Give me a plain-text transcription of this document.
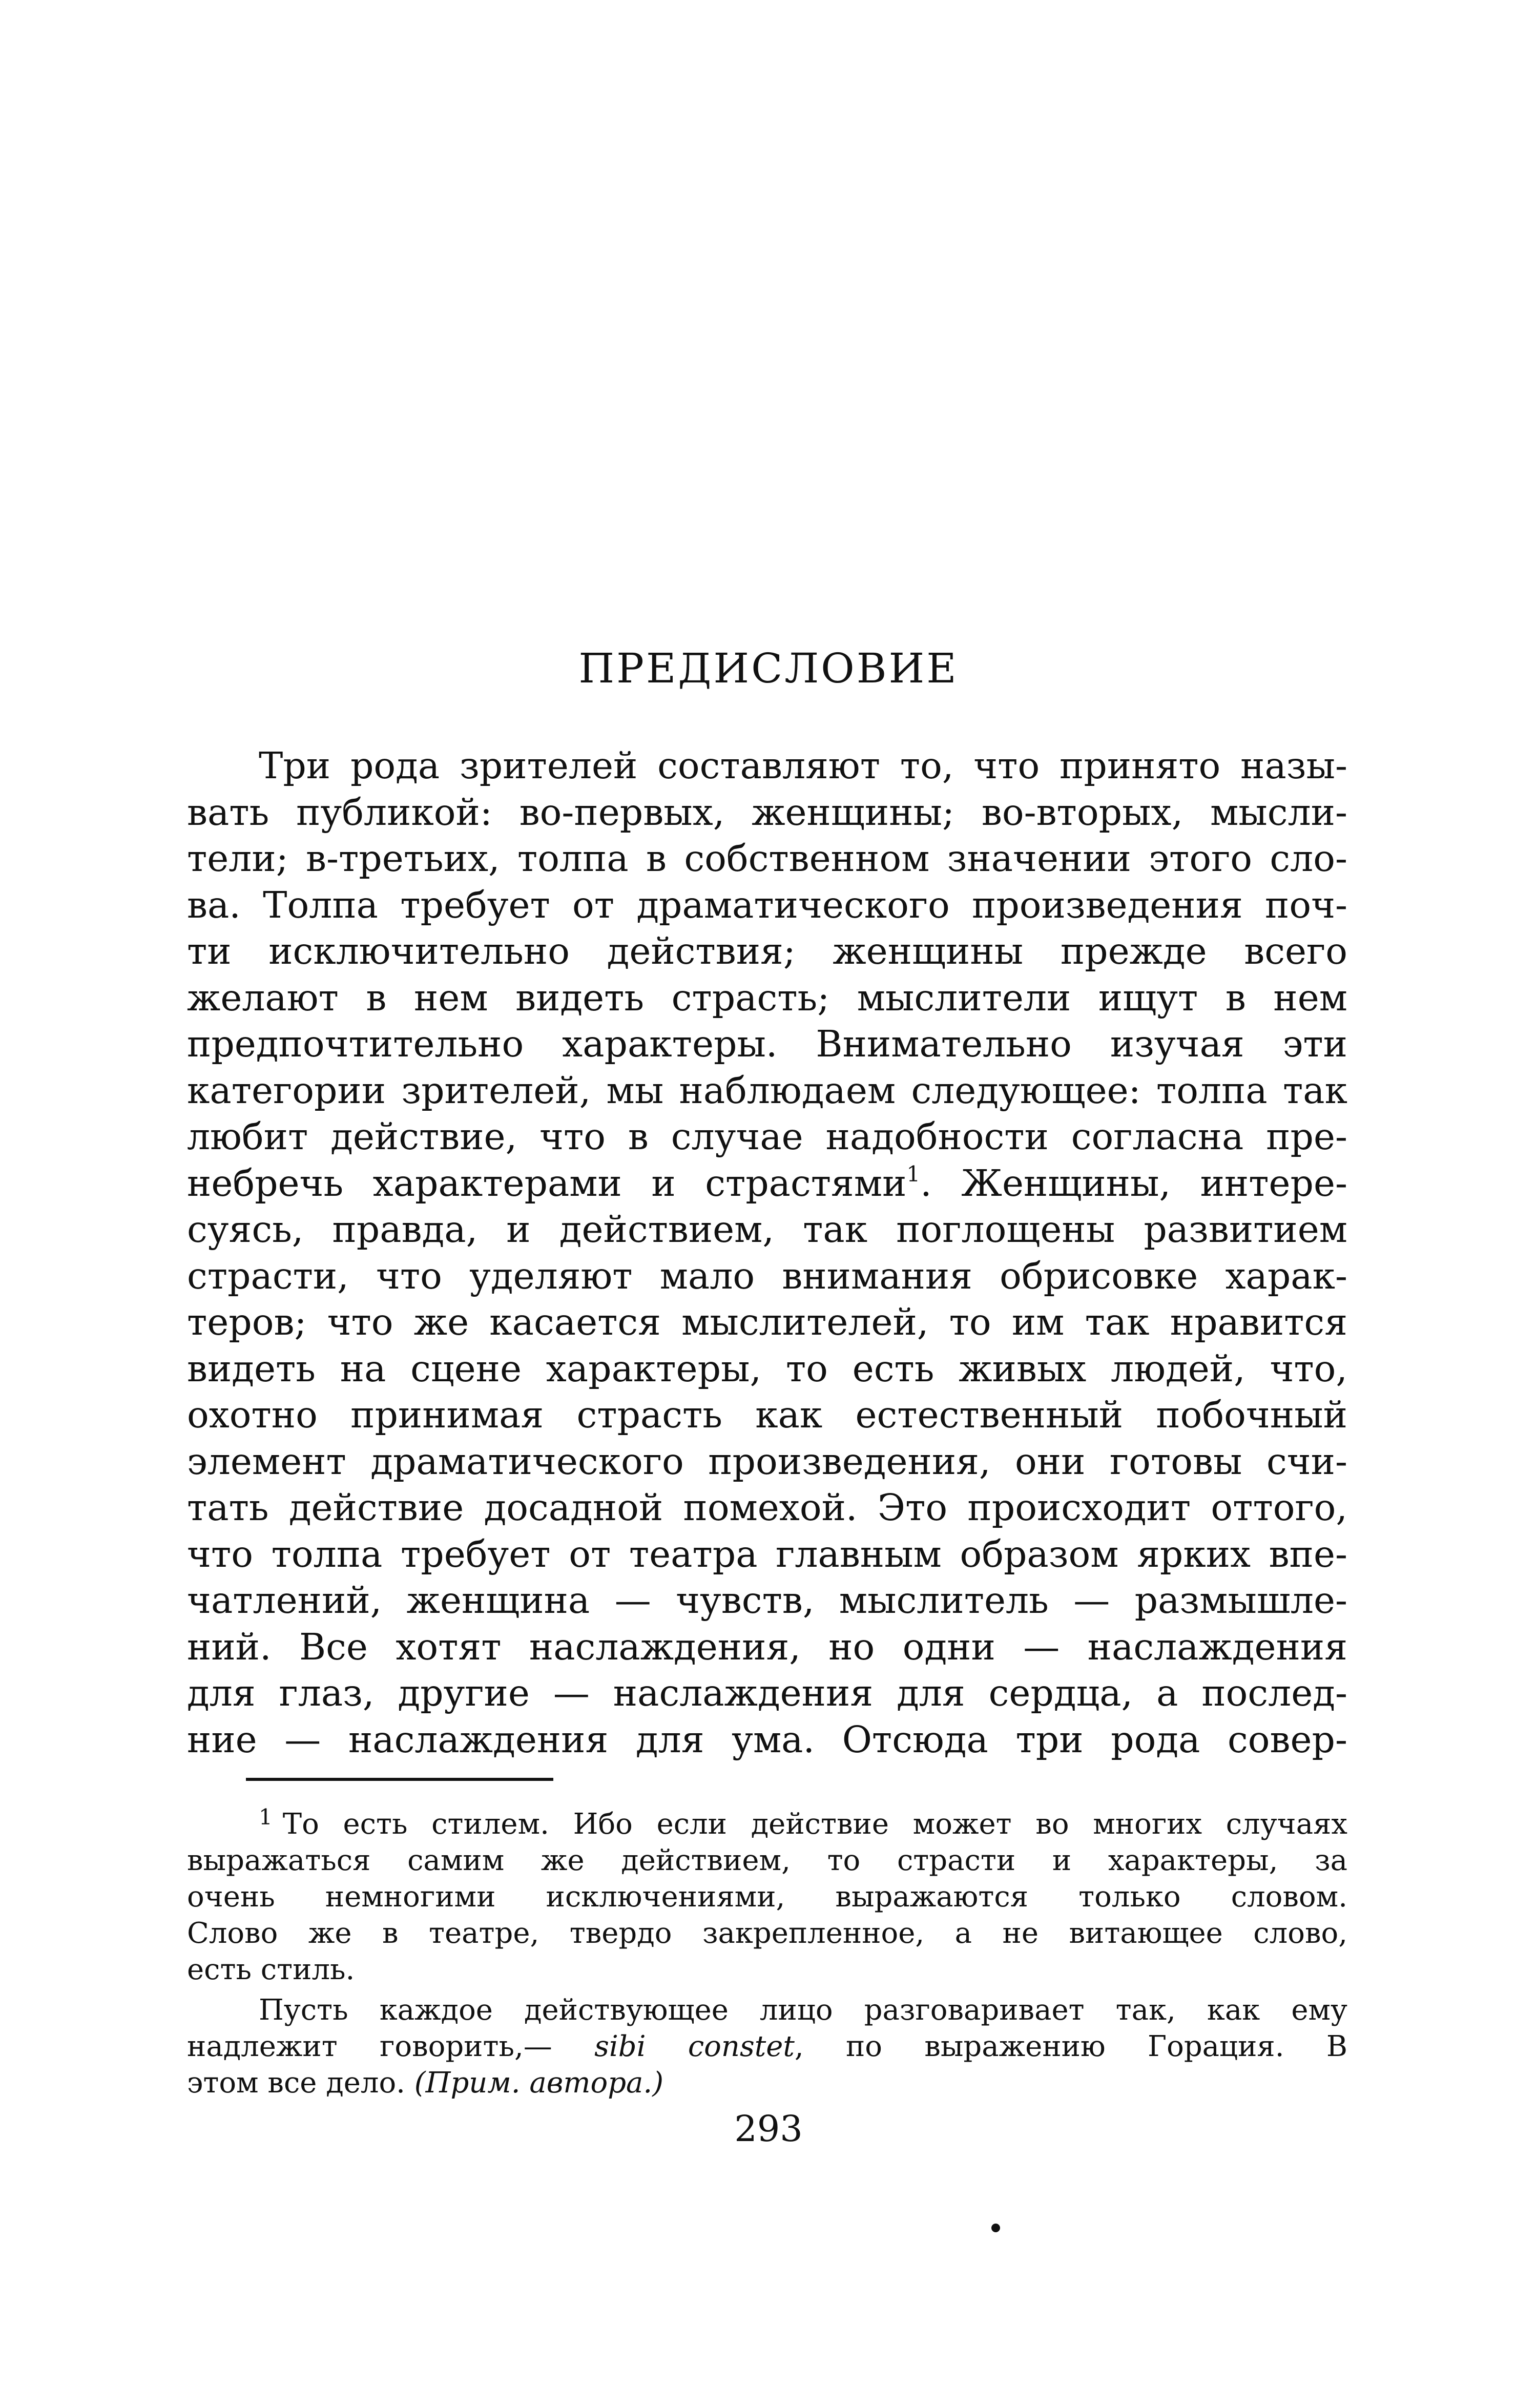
ПРЕДИСЛОВИЕ
Три рода зрителей составляют то, что принято назы-
вать публикой: во-первых, женщины; во-вторых, мысли-
тели; в-третьих, толпа в собственном значении этого сло-
ва. Толпа требует от драматического произведения поч-
ти исключительно действия; женщины прежде всего
желают в нем видеть страсть; мыслители ищут в нем
предпочтительно характеры. Внимательно изучая эти
категории зрителей, мы наблюдаем следующее: толпа так
любит действие, что в случае надобности согласна пре-
небречь характерами и страстями$^1$. Женщины, интере-
суясь, правда, и действием, так поглощены развитием
страсти, что уделяют мало внимания обрисовке харак-
теров; что же касается мыслителей, то им так нравится
видеть на сцене характеры, то есть живых людей, что,
охотно принимая страсть как естественный побочный
элемент драматического произведения, они готовы счи-
тать действие досадной помехой. Это происходит оттого,
что толпа требует от театра главным образом ярких впе-
чатлений, женщина — чувств, мыслитель — размышле-
ний. Все хотят наслаждения, но одни — наслаждения
для глаз, другие — наслаждения для сердца, а послед-
ние — наслаждения для ума. Отсюда три рода совер-
$^1$ То есть стилем. Ибо если действие может во многих случаях
выражаться самим же действием, то страсти и характеры, за
очень немногими исключениями, выражаются только словом.
Слово же в театре, твердо закрепленное, а не витающее слово,
есть стиль.
Пусть каждое действующее лицо разговаривает так, как ему
надлежит говорить,— sibi constet, по выражению Горация. В
этом все дело. (Прим. автора.)
293
